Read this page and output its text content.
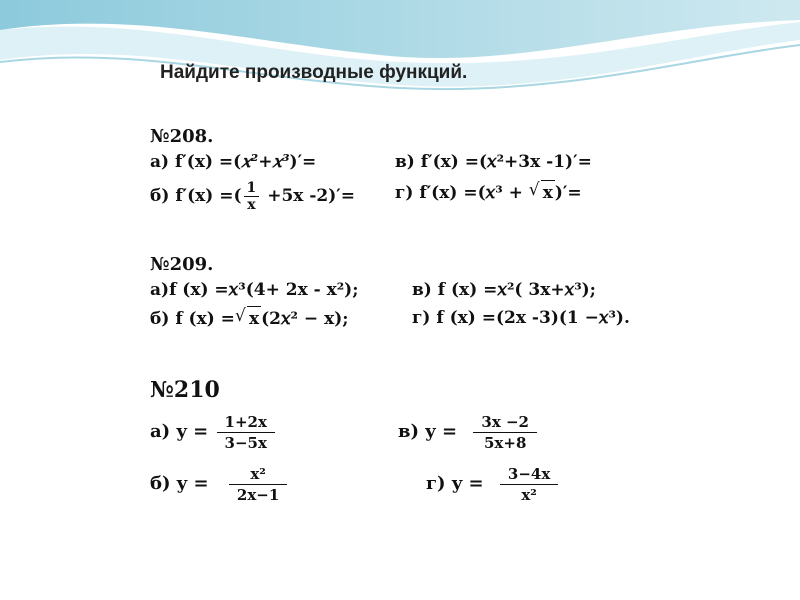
Найдите производные функций.
№208.
а) f′(x) =(𝑥²+𝑥³)′=	в) f′(x) =(𝑥²+3x -1)′=
б) f′(x) =( $\frac{1}{x} +5x$ -2)′= г) f′(x) =(𝑥³ + √ x )′=
№209.
а)f (x) =𝑥³(4+ 2x - x²);	в) f (x) =𝑥²( 3x+𝑥³);
б) f (x) =√ x (2𝑥² − x);	г) f (x) =(2x -3)(1 −𝑥³).
№210
а) $y = \frac{1+2x}{3-5x}$	в) $y = \frac{3x -2}{5x+8}$
б) $y = \frac{\text{x²}}{2x-1}$	г) $y = \frac{3-4x}{\text{x²}}$
